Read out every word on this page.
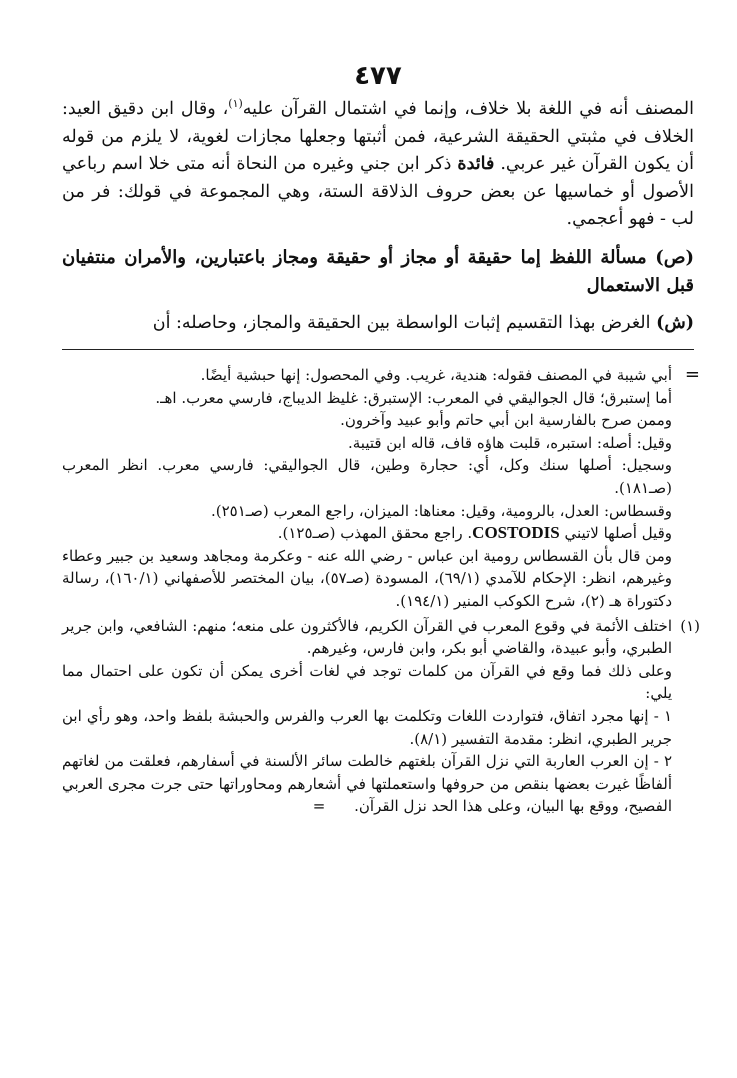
٤٧٧

المصنف أنه في اللغة بلا خلاف، وإنما في اشتمال القرآن عليه$^{(١)}$، وقال ابن دقيق العيد: الخلاف في مثبتي الحقيقة الشرعية، فمن أثبتها وجعلها مجازات لغوية، لا يلزم من قوله أن يكون القرآن غير عربي. فائدة ذكر ابن جني وغيره من النحاة أنه متى خلا اسم رباعي الأصول أو خماسيها عن بعض حروف الذلاقة الستة، وهي المجموعة في قولك: فر من لب - فهو أعجمي.

(ص) مسألة اللفظ إما حقيقة أو مجاز أو حقيقة ومجاز باعتبارين، والأمران منتفيان قبل الاستعمال

(ش) الغرض بهذا التقسيم إثبات الواسطة بين الحقيقة والمجاز، وحاصله: أن

=

أبي شيبة في المصنف فقوله: هندية، غريب. وفي المحصول: إنها حبشية أيضًا.

أما إستبرق؛ قال الجواليقي في المعرب: الإستبرق: غليظ الديباج، فارسي معرب. اهـ.

وممن صرح بالفارسية ابن أبي حاتم وأبو عبيد وآخرون.

وقيل: أصله: استبره، قلبت هاؤه قاف، قاله ابن قتيبة.

وسجيل: أصلها سنك وكل، أي: حجارة وطين، قال الجواليقي: فارسي معرب. انظر المعرب (صـ١٨١).

وقسطاس: العدل، بالرومية، وقيل: معناها: الميزان، راجع المعرب (صـ٢٥١).

وقيل أصلها لاتيني COSTODIS. راجع محقق المهذب (صـ١٢٥).

ومن قال بأن القسطاس رومية ابن عباس - رضي الله عنه - وعكرمة ومجاهد وسعيد بن جبير وعطاء وغيرهم، انظر: الإحكام للآمدي (٦٩/١)، المسودة (صـ٥٧)، بيان المختصر للأصفهاني (١٦٠/١)، رسالة دكتوراة هـ (٢)، شرح الكوكب المنير (١٩٤/١).

(١)

اختلف الأئمة في وقوع المعرب في القرآن الكريم، فالأكثرون على منعه؛ منهم: الشافعي، وابن جرير الطبري، وأبو عبيدة، والقاضي أبو بكر، وابن فارس، وغيرهم.

وعلى ذلك فما وقع في القرآن من كلمات توجد في لغات أخرى يمكن أن تكون على احتمال مما يلي:

١ - إنها مجرد اتفاق، فتواردت اللغات وتكلمت بها العرب والفرس والحبشة بلفظ واحد، وهو رأي ابن جرير الطبري، انظر: مقدمة التفسير (٨/١).

٢ - إن العرب العاربة التي نزل القرآن بلغتهم خالطت سائر الألسنة في أسفارهم، فعلقت من لغاتهم ألفاظًا غيرت بعضها بنقص من حروفها واستعملتها في أشعارهم ومحاوراتها حتى جرت مجرى العربي الفصيح، ووقع بها البيان، وعلى هذا الحد نزل القرآن. =
